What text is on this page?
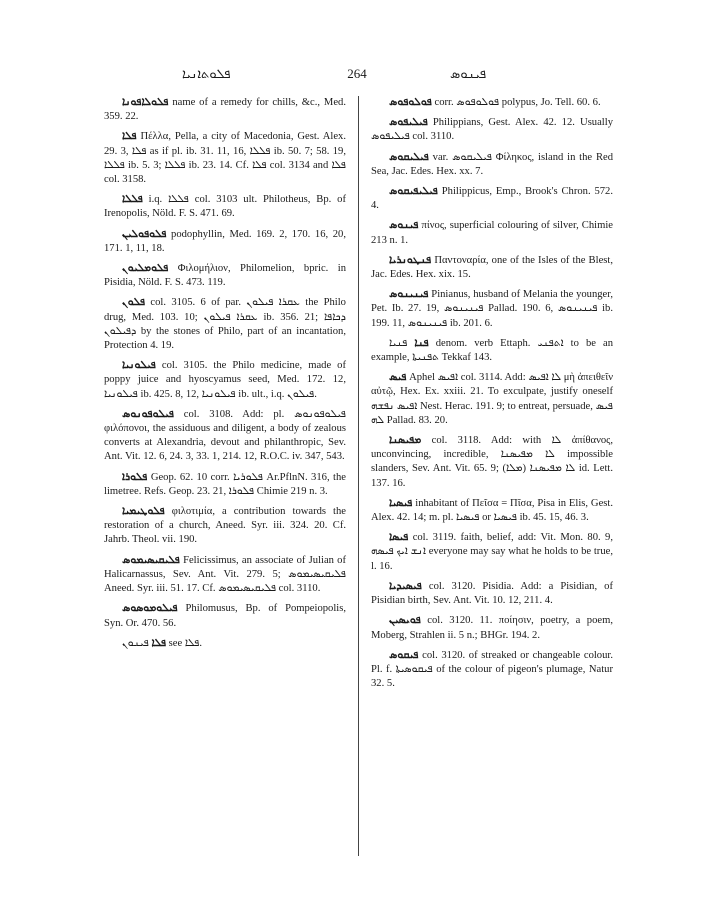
ܦܠܘܬܐܢܝܐ	264	ܦܝܢܘܣ

ܦܠܘܠܐܦܘܢܐ name of a remedy for chills, &c., Med. 359. 22.

ܦܠܐ Πέλλα, Pella, a city of Macedonia, Gest. Alex. 29. 3, ܦܠܐ as if pl. ib. 31. 11, 16, ܦܠܠܐ ib. 50. 7; 58. 19, ܦܠܠܐ ib. 5. 3; ܦܠܠܐ ib. 23. 14. Cf. ܦܠܐ col. 3134 and ܦܠܐ col. 3158.

ܦܠܠܐ i.q. ܦܠܠܐ col. 3103 ult. Philotheus, Bp. of Irenopolis, Nöld. F. S. 471. 69.

ܦܠܘܦܘܠܝܢ podophyllin, Med. 169. 2, 170. 16, 20, 171. 1, 11, 18.

ܦܠܘܡܠܝܘܢ Φιλομήλιον, Philomelion, bpric. in Pisidia, Nöld. F. S. 473. 119.

ܦܠܘܢ col. 3105. 6 of par. ܥܩܪܐ ܦܝܠܘܢ the Philo drug, Med. 103. 10; ܥܩܪܐ ܦܝܠܘܢ ib. 356. 21; ܕܟܐܦܐ ܕܦܝܠܘܢ by the stones of Philo, part of an incantation, Protection 4. 19.

ܦܝܠܘܢܝܐ col. 3105. the Philo medicine, made of poppy juice and hyoscyamus seed, Med. 172. 12, ܦܝܠܘܢܝܐ ib. 425. 8, 12, ܦܝܠܘܢܝܐ ib. ult., i.q. ܦܝܠܘܢ.

ܦܝܠܘܦܘܢܘܣ col. 3108. Add: pl. ܦܝܠܘܦܘܢܘܣ φιλόπονοι, the assiduous and diligent, a body of zealous converts at Alexandria, devout and philanthropic, Sev. Ant. Vit. 12. 6, 24. 3, 33. 1, 214. 12, R.O.C. iv. 347, 543.

ܦܠܘܪܐ Geop. 62. 10 corr. ܦܠܘܪܝܐ Ar.PflnN. 316, the limetree. Refs. Geop. 23. 21, ܦܠܘܪܐ Chimie 219 n. 3.

ܦܠܘܛܝܡܝܐ φιλοτιμία, a contribution towards the restoration of a church, Aneed. Syr. iii. 324. 20. Cf. Jahrb. Theol. vii. 190.

ܦܠܝܩܝܣܝܡܘܣ Felicissimus, an associate of Julian of Halicarnassus, Sev. Ant. Vit. 279. 5; ܦܠܝܩܝܣܝܡܘܣ Aneed. Syr. iii. 51. 17. Cf. ܦܠܝܩܝܣܝܡܘܣ col. 3110.

ܦܝܠܘܡܘܣܘܣ Philomusus, Bp. of Pompeiopolis, Syn. Or. 470. 56.

ܦܠܐ ܦܝܢܘܢ see ܦܠܐ.

ܦܘܠܘܦܘܣ corr. ܦܘܠܘܦܘܣ polypus, Jo. Tell. 60. 6.

ܦܝܠܝܦܘܣ Philippians, Gest. Alex. 42. 12. Usually ܦܝܠܝܦܘܣ col. 3110.

ܦܝܠܝܩܘܣ var. ܦܝܠܝܩܘܣ Φίληκος, island in the Red Sea, Jac. Edes. Hex. xx. 7.

ܦܝܠܝܦܝܩܘܣ Philippicus, Emp., Brook's Chron. 572. 4.

ܦܝܢܘܣ πίνος, superficial colouring of silver, Chimie 213 n. 1.

ܦܢܛܘܢܪܝܐ Παντοναρία, one of the Isles of the Blest, Jac. Edes. Hex. xix. 15.

ܦܝܢܝܢܘܣ Pinianus, husband of Melania the younger, Pet. Ib. 27. 19, ܦܝܢܝܢܘܣ Pallad. 190. 6, ܦܝܢܝܢܘܣ ib. 199. 11, ܦܝܢܝܢܘܣ ib. 201. 6.

ܦܢܐ ܦܢܝܐ denom. verb Ettaph. ܐܬܦܢܝ to be an example, ܬܦܢܝܬܐ Tekkaf 143.

ܦܝܣ Aphel ܐܦܝܣ col. 3114. Add: ܠܐ ܐܦܝܣ μὴ ἀπειθεῖν αὐτῷ, Hex. Ex. xxiii. 21. To exculpate, justify oneself ܐܦܝܣ ܢܦܫܗ Nest. Heraс. 191. 9; to entreat, persuade, ܦܝܣ ܠܗ Pallad. 83. 20.

ܡܦܝܣܢܐ col. 3118. Add: with ܠܐ ἀπίθανος, unconvincing, incredible, ܠܐ ܡܦܝܣܢܐ impossible slanders, Sev. Ant. Vit. 65. 9; ܠܐ ܡܦܝܣܢܐ (ܡܠܐ) id. Lett. 137. 16.

ܦܝܣܝܐ inhabitant of Πεῖσα = Πῖσα, Pisa in Elis, Gest. Alex. 42. 14; m. pl. ܦܝܣܝܐ or ܦܝܣܝܐ ib. 45. 15, 46. 3.

ܦܝܣܐ col. 3119. faith, belief, add: Vit. Mon. 80. 9, ܐܢܫ ܐܝܟ ܦܝܣܗ everyone may say what he holds to be true, l. 16.

ܦܝܣܝܕܝܐ col. 3120. Pisidia. Add: a Pisidian, of Pisidian birth, Sev. Ant. Vit. 10. 12, 211. 4.

ܦܘܝܣܝܢ col. 3120. 11. ποίησιν, poetry, a poem, Moberg, Strahlen ii. 5 n.; BHGr. 194. 2.

ܦܝܩܘܣ col. 3120. of streaked or changeable colour. Pl. f. ܦܝܩܘܣܝܬܐ of the colour of pigeon's plumage, Natur 32. 5.
